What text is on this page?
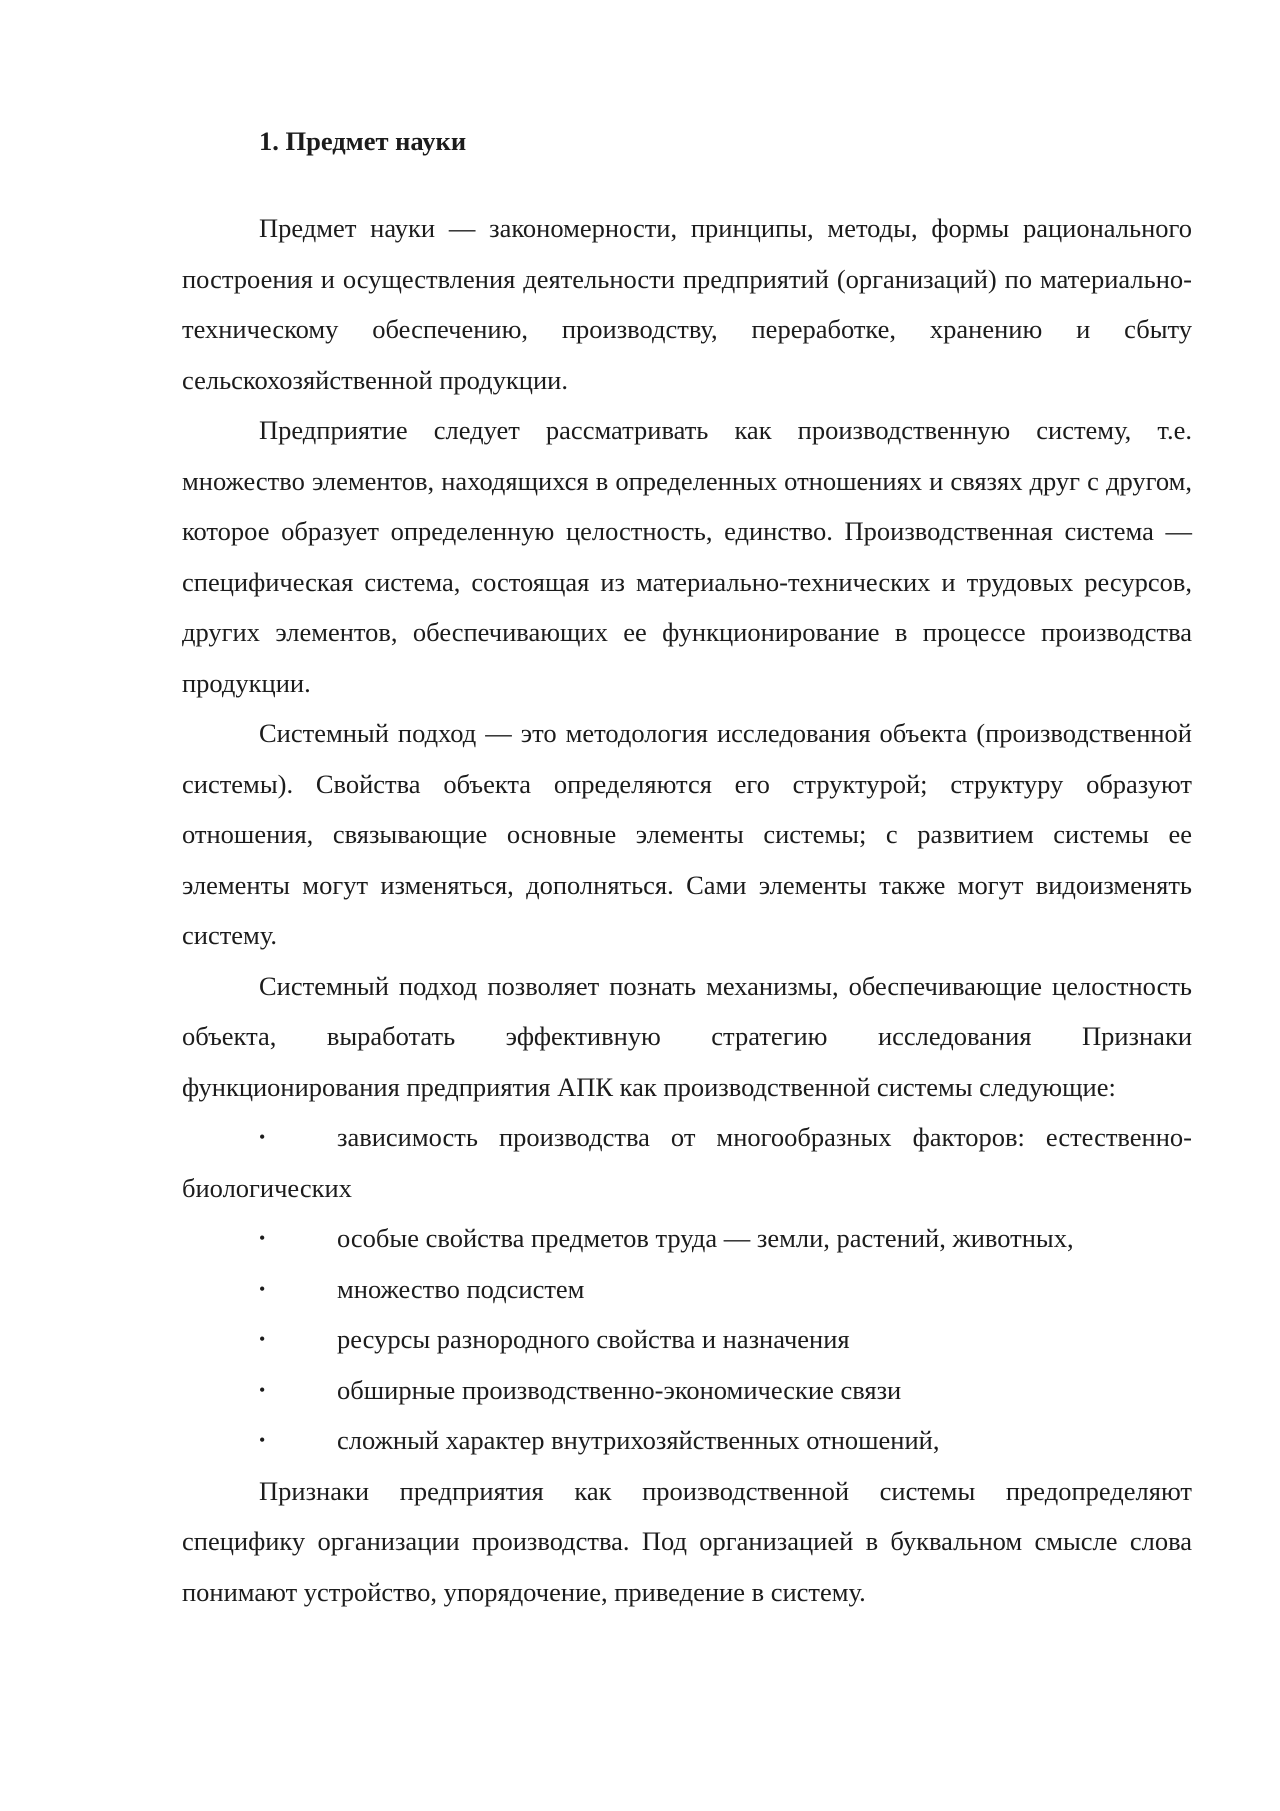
1. Предмет науки

Предмет науки — закономерности, принципы, методы, формы рационального построения и осуществления деятельности предприятий (организаций) по материально-техническому обеспечению, производству, переработке, хранению и сбыту сельскохозяйственной продукции.

Предприятие следует рассматривать как производственную систему, т.е. множество элементов, находящихся в определенных отношениях и связях друг с другом, которое образует определенную целостность, единство. Производственная система — специфическая система, состоящая из материально-технических и трудовых ресурсов, других элементов, обеспечивающих ее функционирование в процессе производства продукции.

Системный подход — это методология исследования объекта (производственной системы). Свойства объекта определяются его структурой; структуру образуют отношения, связывающие основные элементы системы; с развитием системы ее элементы могут изменяться, дополняться. Сами элементы также могут видоизменять систему.

Системный подход позволяет познать механизмы, обеспечивающие целостность объекта, выработать эффективную стратегию исследования Признаки функционирования предприятия АПК как производственной системы следующие:

•	зависимость производства от многообразных факторов: естественно-биологических
•	особые свойства предметов труда — земли, растений, животных,
•	множество подсистем
•	ресурсы разнородного свойства и назначения
•	обширные производственно-экономические связи
•	сложный характер внутрихозяйственных отношений,

Признаки предприятия как производственной системы предопределяют специфику организации производства. Под организацией в буквальном смысле слова понимают устройство, упорядочение, приведение в систему.
